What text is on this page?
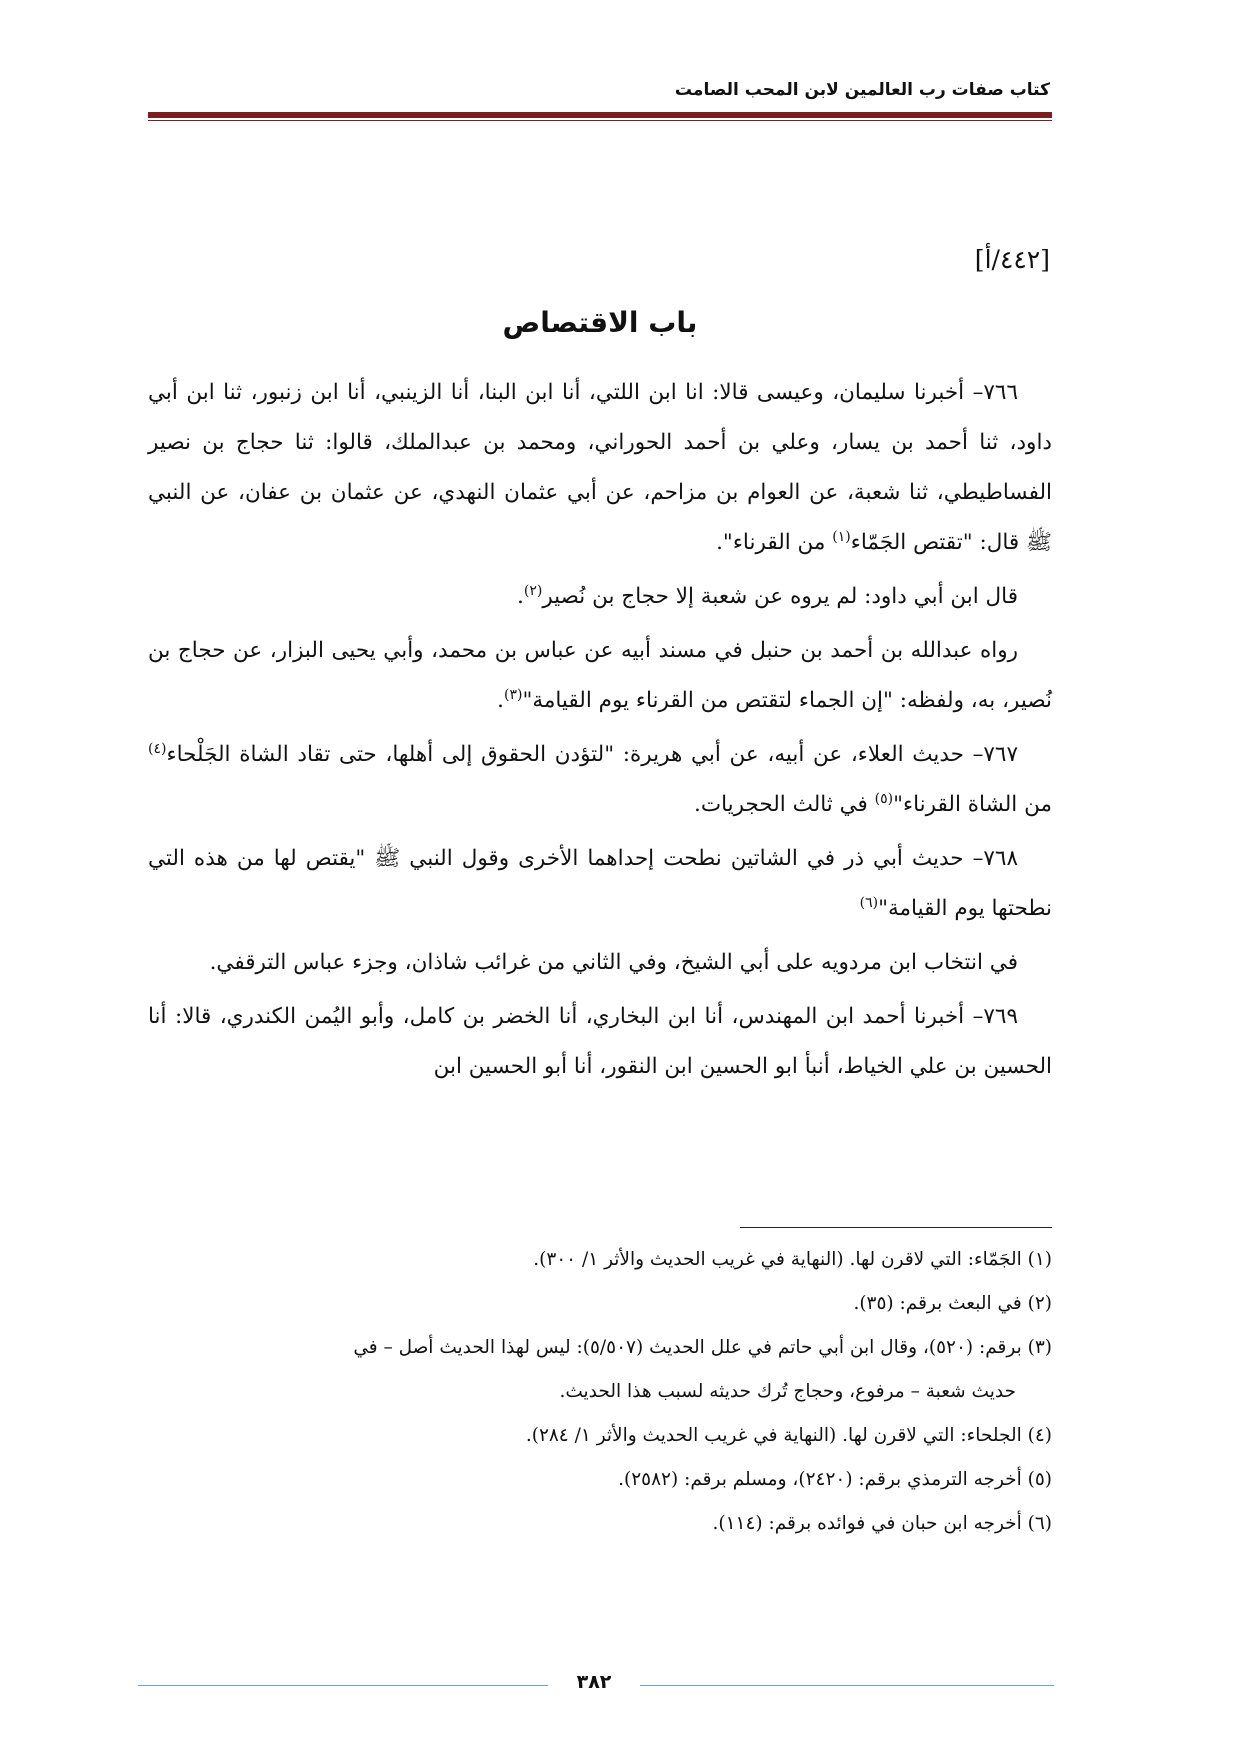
كتاب صفات رب العالمين لابن المحب الصامت
[٤٤٢/أ]
باب الاقتصاص

٧٦٦– أخبرنا سليمان، وعيسى قالا: انا ابن اللتي، أنا ابن البنا، أنا الزينبي، أنا ابن زنبور، ثنا ابن أبي داود، ثنا أحمد بن يسار، وعلي بن أحمد الحوراني، ومحمد بن عبدالملك، قالوا: ثنا حجاج بن نصير الفساطيطي، ثنا شعبة، عن العوام بن مزاحم، عن أبي عثمان النهدي، عن عثمان بن عفان، عن النبي ﷺ قال: "تقتص الجَمّاء$^{(١)}$ من القرناء".

قال ابن أبي داود: لم يروه عن شعبة إلا حجاج بن نُصير$^{(٢)}$.

رواه عبدالله بن أحمد بن حنبل في مسند أبيه عن عباس بن محمد، وأبي يحيى البزار، عن حجاج بن نُصير، به، ولفظه: "إن الجماء لتقتص من القرناء يوم القيامة"$^{(٣)}$.

٧٦٧– حديث العلاء، عن أبيه، عن أبي هريرة: "لتؤدن الحقوق إلى أهلها، حتى تقاد الشاة الجَلْحاء$^{(٤)}$ من الشاة القرناء"$^{(٥)}$ في ثالث الحجريات.

٧٦٨– حديث أبي ذر في الشاتين نطحت إحداهما الأخرى وقول النبي ﷺ "يقتص لها من هذه التي نطحتها يوم القيامة"$^{(٦)}$

في انتخاب ابن مردويه على أبي الشيخ، وفي الثاني من غرائب شاذان، وجزء عباس الترقفي.

٧٦٩– أخبرنا أحمد ابن المهندس، أنا ابن البخاري، أنا الخضر بن كامل، وأبو اليُمن الكندري، قالا: أنا الحسين بن علي الخياط، أنبأ ابو الحسين ابن النقور، أنا أبو الحسين ابن

(١) الجَمّاء: التي لاقرن لها. (النهاية في غريب الحديث والأثر ١/ ٣٠٠).

(٢) في البعث برقم: (٣٥).

(٣) برقم: (٥٢٠)، وقال ابن أبي حاتم في علل الحديث (٥/٥٠٧): ليس لهذا الحديث أصل – في

حديث شعبة – مرفوع، وحجاج تُرك حديثه لسبب هذا الحديث.

(٤) الجلحاء: التي لاقرن لها. (النهاية في غريب الحديث والأثر ١/ ٢٨٤).

(٥) أخرجه الترمذي برقم: (٢٤٢٠)، ومسلم برقم: (٢٥٨٢).

(٦) أخرجه ابن حبان في فوائده برقم: (١١٤).

٣٨٢
